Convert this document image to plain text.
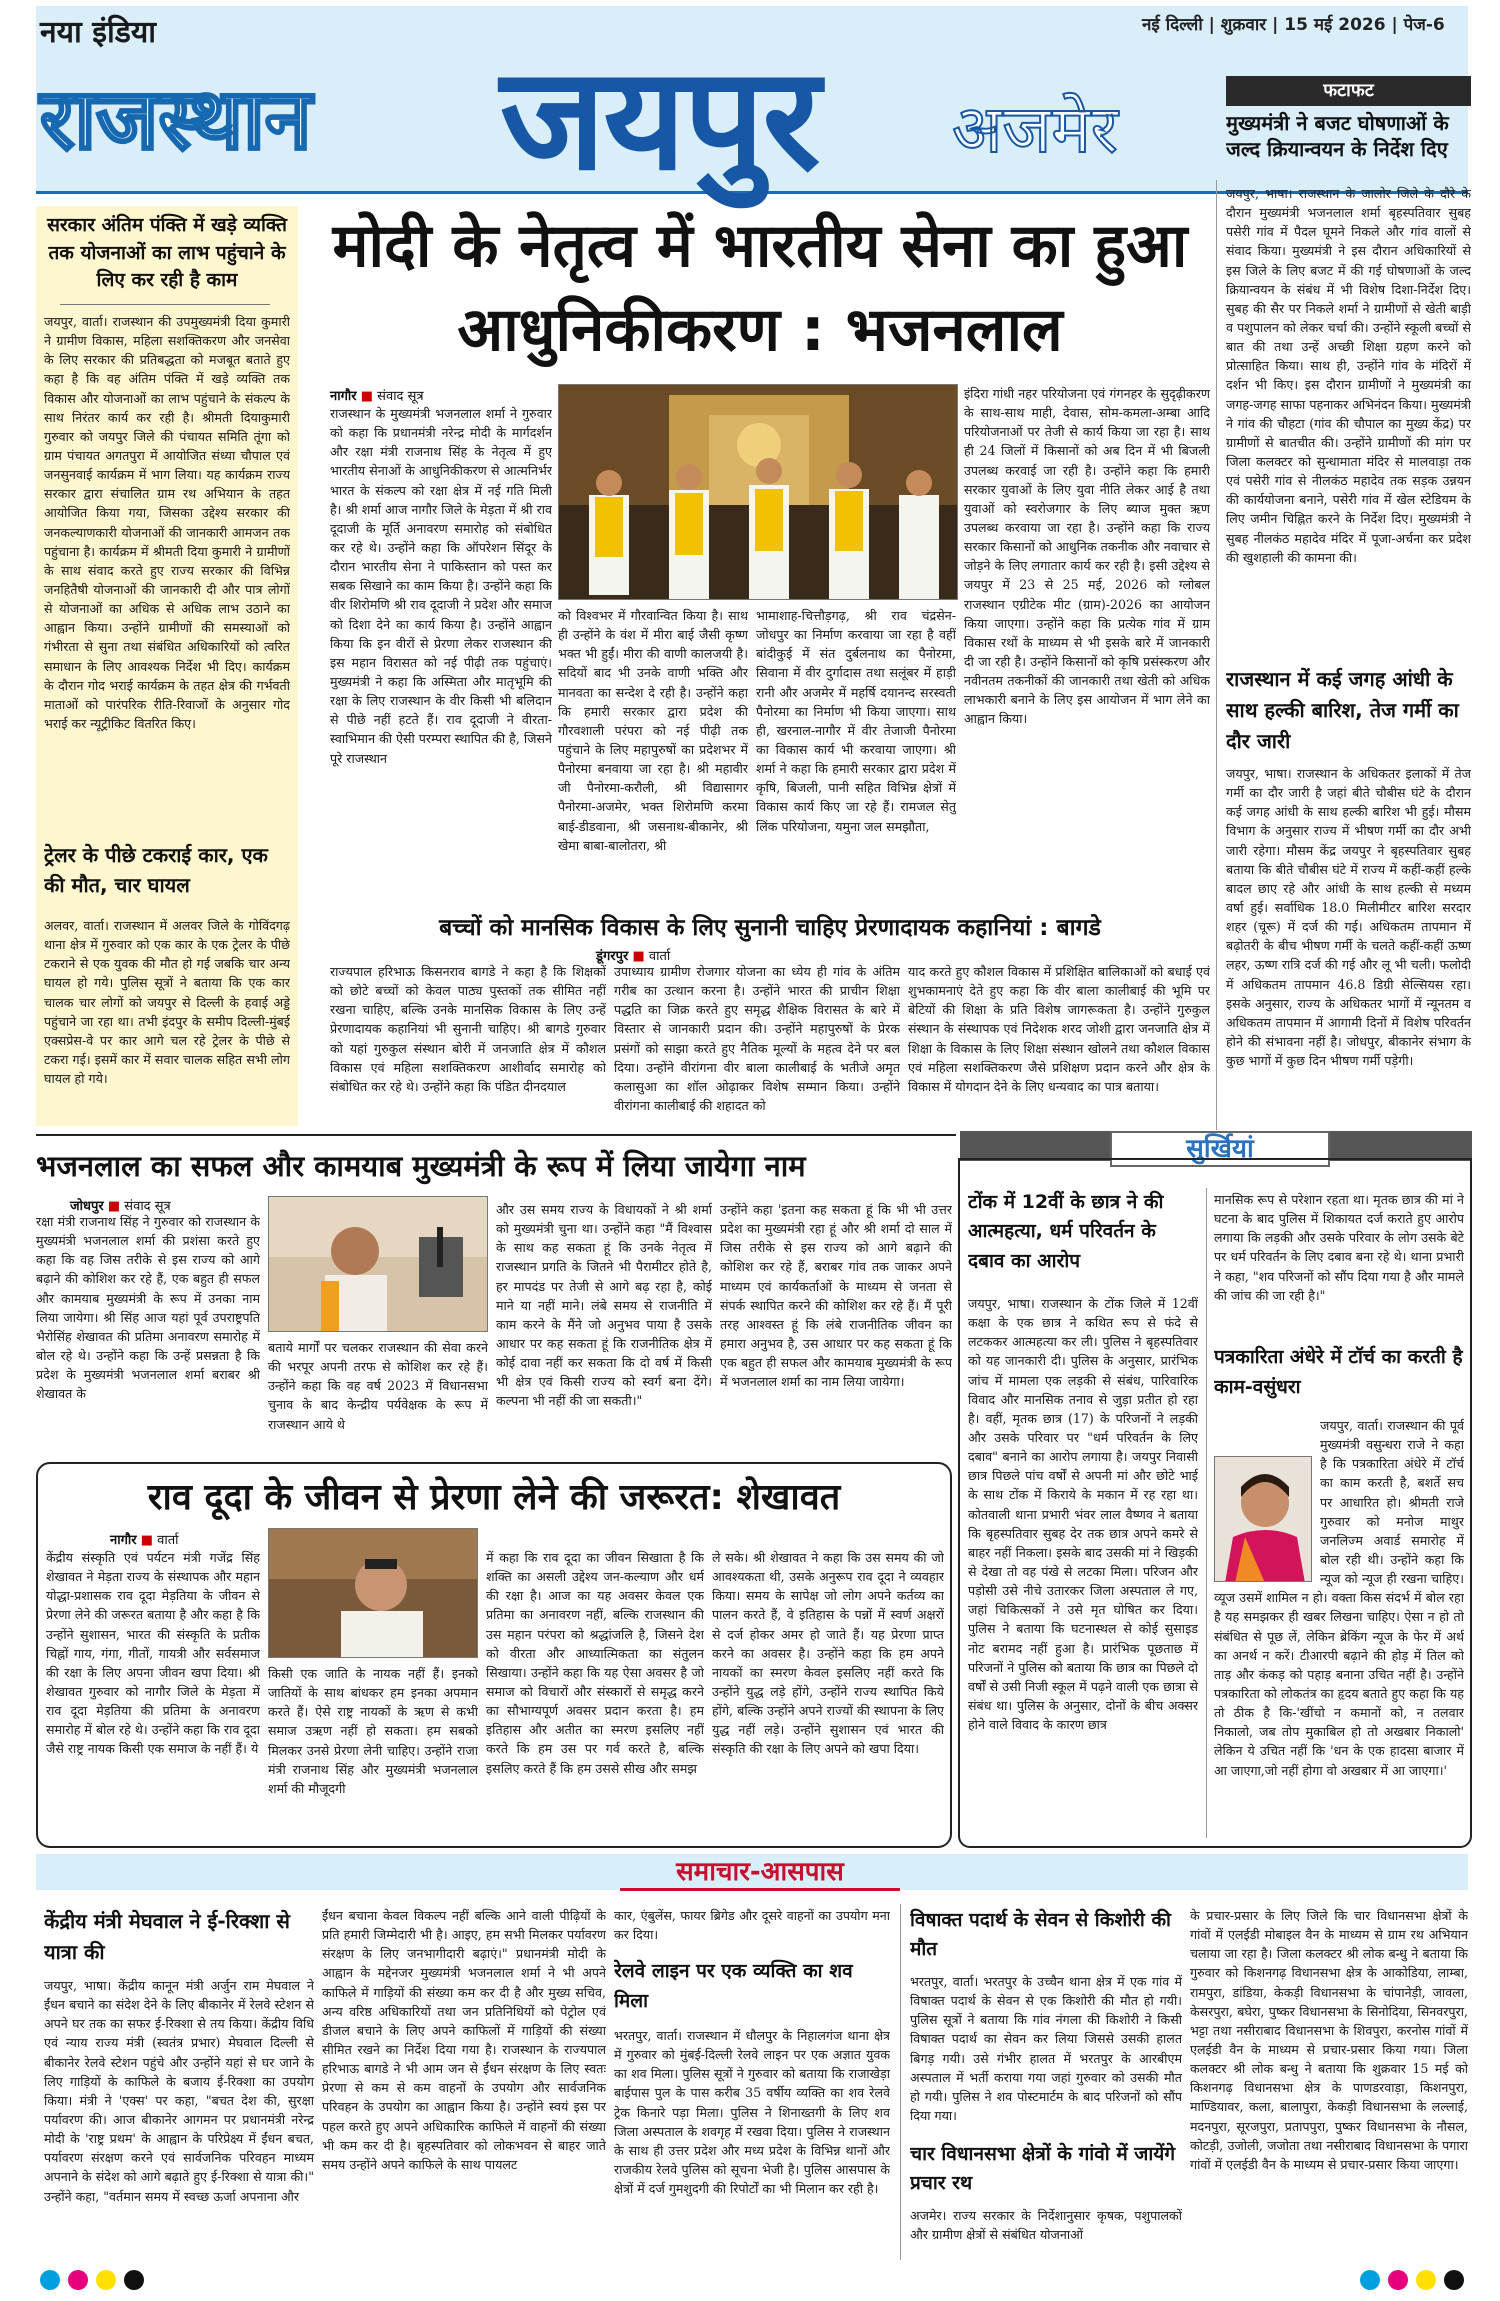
नया इंडिया
राजस्थान जयपुर अजमेर
नई दिल्ली | शुक्रवार | 15 मई 2026 | पेज-6
फटाफट
मुख्यमंत्री ने बजट घोषणाओं के जल्द क्रियान्वयन के निर्देश दिए
सरकार अंतिम पंक्ति में खड़े व्यक्ति तक योजनाओं का लाभ पहुंचाने के लिए कर रही है काम
जयपुर, वार्ता। राजस्थान की उपमुख्यमंत्री दिया कुमारी ने ग्रामीण विकास, महिला सशक्तिकरण और जनसेवा के लिए सरकार की प्रतिबद्धता को मजबूत बताते हुए कहा है कि वह अंतिम पंक्ति में खड़े व्यक्ति तक विकास और योजनाओं का लाभ पहुंचाने के संकल्प के साथ निरंतर कार्य कर रही है। श्रीमती दियाकुमारी गुरुवार को जयपुर जिले की पंचायत समिति तूंगा को ग्राम पंचायत अगतपुरा में आयोजित संध्या चौपाल एवं जनसुनवाई कार्यक्रम में भाग लिया। यह कार्यक्रम राज्य सरकार द्वारा संचालित ग्राम रथ अभियान के तहत आयोजित किया गया, जिसका उद्देश्य सरकार की जनकल्याणकारी योजनाओं की जानकारी आमजन तक पहुंचाना है। कार्यक्रम में श्रीमती दिया कुमारी ने ग्रामीणों के साथ संवाद करते हुए राज्य सरकार की विभिन्न जनहितैषी योजनाओं की जानकारी दी और पात्र लोगों से योजनाओं का अधिक से अधिक लाभ उठाने का आह्वान किया। उन्होंने ग्रामीणों की समस्याओं को गंभीरता से सुना तथा संबंधित अधिकारियों को त्वरित समाधान के लिए आवश्यक निर्देश भी दिए। कार्यक्रम के दौरान गोद भराई कार्यक्रम के तहत क्षेत्र की गर्भवती माताओं को पारंपरिक रीति-रिवाजों के अनुसार गोद भराई कर न्यूट्रीकिट वितरित किए।
ट्रेलर के पीछे टकराई कार, एक की मौत, चार घायल
अलवर, वार्ता। राजस्थान में अलवर जिले के गोविंदगढ़ थाना क्षेत्र में गुरुवार को एक कार के एक ट्रेलर के पीछे टकराने से एक युवक की मौत हो गई जबकि चार अन्य घायल हो गये। पुलिस सूत्रों ने बताया कि एक कार चालक चार लोगों को जयपुर से दिल्ली के हवाई अड्डे पहुंचाने जा रहा था। तभी इंदपुर के समीप दिल्ली-मुंबई एक्सप्रेस-वे पर कार आगे चल रहे ट्रेलर के पीछे से टकरा गई। इसमें कार में सवार चालक सहित सभी लोग घायल हो गये।
जयपुर, भाषा। राजस्थान के जालोर जिले के दौरे के दौरान मुख्यमंत्री भजनलाल शर्मा बृहस्पतिवार सुबह पसेरी गांव में पैदल घूमने निकले और गांव वालों से संवाद किया। मुख्यमंत्री ने इस दौरान अधिकारियों से इस जिले के लिए बजट में की गई घोषणाओं के जल्द क्रियान्वयन के संबंध में भी विशेष दिशा-निर्देश दिए। सुबह की सैर पर निकले शर्मा ने ग्रामीणों से खेती बाड़ी व पशुपालन को लेकर चर्चा की। उन्होंने स्कूली बच्चों से बात की तथा उन्हें अच्छी शिक्षा ग्रहण करने को प्रोत्साहित किया। साथ ही, उन्होंने गांव के मंदिरों में दर्शन भी किए। इस दौरान ग्रामीणों ने मुख्यमंत्री का जगह-जगह साफा पहनाकर अभिनंदन किया। मुख्यमंत्री ने गांव की चौहटा (गांव की चौपाल का मुख्य केंद्र) पर ग्रामीणों से बातचीत की। उन्होंने ग्रामीणों की मांग पर जिला कलक्टर को सुन्धामाता मंदिर से मालवाड़ा तक एवं पसेरी गांव से नीलकंठ महादेव तक सड़क उन्नयन की कार्ययोजना बनाने, पसेरी गांव में खेल स्टेडियम के लिए जमीन चिह्नित करने के निर्देश दिए। मुख्यमंत्री ने सुबह नीलकंठ महादेव मंदिर में पूजा-अर्चना कर प्रदेश की खुशहाली की कामना की।
राजस्थान में कई जगह आंधी के साथ हल्की बारिश, तेज गर्मी का दौर जारी
जयपुर, भाषा। राजस्थान के अधिकतर इलाकों में तेज गर्मी का दौर जारी है जहां बीते चौबीस घंटे के दौरान कई जगह आंधी के साथ हल्की बारिश भी हुई। मौसम विभाग के अनुसार राज्य में भीषण गर्मी का दौर अभी जारी रहेगा। मौसम केंद्र जयपुर ने बृहस्पतिवार सुबह बताया कि बीते चौबीस घंटे में राज्य में कहीं-कहीं हल्के बादल छाए रहे और आंधी के साथ हल्की से मध्यम वर्षा हुई। सर्वाधिक 18.0 मिलीमीटर बारिश सरदार शहर (चूरू) में दर्ज की गई। अधिकतम तापमान में बढ़ोतरी के बीच भीषण गर्मी के चलते कहीं-कहीं ऊष्ण लहर, ऊष्ण रात्रि दर्ज की गई और लू भी चली। फलोदी में अधिकतम तापमान 46.8 डिग्री सेल्सियस रहा। इसके अनुसार, राज्य के अधिकतर भागों में न्यूनतम व अधिकतम तापमान में आगामी दिनों में विशेष परिवर्तन होने की संभावना नहीं है। जोधपुर, बीकानेर संभाग के कुछ भागों में कुछ दिन भीषण गर्मी पड़ेगी।
मोदी के नेतृत्व में भारतीय सेना का हुआ आधुनिकीकरण : भजनलाल
नागौर ■ संवाद सूत्र
राजस्थान के मुख्यमंत्री भजनलाल शर्मा ने गुरुवार को कहा कि प्रधानमंत्री नरेन्द्र मोदी के मार्गदर्शन और रक्षा मंत्री राजनाथ सिंह के नेतृत्व में हुए भारतीय सेनाओं के आधुनिकीकरण से आत्मनिर्भर भारत के संकल्प को रक्षा क्षेत्र में नई गति मिली है। श्री शर्मा आज नागौर जिले के मेड़ता में श्री राव दूदाजी के मूर्ति अनावरण समारोह को संबोधित कर रहे थे। उन्होंने कहा कि ऑपरेशन सिंदूर के दौरान भारतीय सेना ने पाकिस्तान को पस्त कर सबक सिखाने का काम किया है। उन्होंने कहा कि वीर शिरोमणि श्री राव दूदाजी ने प्रदेश और समाज को दिशा देने का कार्य किया है। उन्होंने आह्वान किया कि इन वीरों से प्रेरणा लेकर राजस्थान की इस महान विरासत को नई पीढ़ी तक पहुंचाएं। मुख्यमंत्री ने कहा कि अस्मिता और मातृभूमि की रक्षा के लिए राजस्थान के वीर किसी भी बलिदान से पीछे नहीं हटते हैं। राव दूदाजी ने वीरता-स्वाभिमान की ऐसी परम्परा स्थापित की है, जिसने पूरे राजस्थान
को विश्वभर में गौरवान्वित किया है। साथ ही उन्होंने के वंश में मीरा बाई जैसी कृष्ण भक्त भी हुईं। मीरा की वाणी कालजयी है। सदियों बाद भी उनके वाणी भक्ति और मानवता का सन्देश दे रही है। उन्होंने कहा कि हमारी सरकार द्वारा प्रदेश की गौरवशाली परंपरा को नई पीढ़ी तक पहुंचाने के लिए महापुरुषों का प्रदेशभर में पैनोरमा बनवाया जा रहा है। श्री महावीर जी पैनोरमा-करौली, श्री विद्यासागर पैनोरमा-अजमेर, भक्त शिरोमणि करमा बाई-डीडवाना, श्री जसनाथ-बीकानेर, श्री खेमा बाबा-बालोतरा, श्री
भामाशाह-चित्तौड़गढ़, श्री राव चंद्रसेन-जोधपुर का निर्माण करवाया जा रहा है वहीं बांदीकुई में संत दुर्बलनाथ का पैनोरमा, सिवाना में वीर दुर्गादास तथा सलूंबर में हाड़ी रानी और अजमेर में महर्षि दयानन्द सरस्वती पैनोरमा का निर्माण भी किया जाएगा। साथ ही, खरनाल-नागौर में वीर तेजाजी पैनोरमा का विकास कार्य भी करवाया जाएगा। श्री शर्मा ने कहा कि हमारी सरकार द्वारा प्रदेश में कृषि, बिजली, पानी सहित विभिन्न क्षेत्रों में विकास कार्य किए जा रहे हैं। रामजल सेतु लिंक परियोजना, यमुना जल समझौता,
इंदिरा गांधी नहर परियोजना एवं गंगनहर के सुदृढ़ीकरण के साथ-साथ माही, देवास, सोम-कमला-अम्बा आदि परियोजनाओं पर तेजी से कार्य किया जा रहा है। साथ ही 24 जिलों में किसानों को अब दिन में भी बिजली उपलब्ध करवाई जा रही है। उन्होंने कहा कि हमारी सरकार युवाओं के लिए युवा नीति लेकर आई है तथा युवाओं को स्वरोजगार के लिए ब्याज मुक्त ऋण उपलब्ध करवाया जा रहा है। उन्होंने कहा कि राज्य सरकार किसानों को आधुनिक तकनीक और नवाचार से जोड़ने के लिए लगातार कार्य कर रही है। इसी उद्देश्य से जयपुर में 23 से 25 मई, 2026 को ग्लोबल राजस्थान एग्रीटेक मीट (ग्राम)-2026 का आयोजन किया जाएगा। उन्होंने कहा कि प्रत्येक गांव में ग्राम विकास रथों के माध्यम से भी इसके बारे में जानकारी दी जा रही है। उन्होंने किसानों को कृषि प्रसंस्करण और नवीनतम तकनीकों की जानकारी तथा खेती को अधिक लाभकारी बनाने के लिए इस आयोजन में भाग लेने का आह्वान किया।
बच्चों को मानसिक विकास के लिए सुनानी चाहिए प्रेरणादायक कहानियां : बागडे
डूंगरपुर ■ वार्ता
राज्यपाल हरिभाऊ किसनराव बागडे ने कहा है कि शिक्षकों को छोटे बच्चों को केवल पाठ्य पुस्तकों तक सीमित नहीं रखना चाहिए, बल्कि उनके मानसिक विकास के लिए उन्हें प्रेरणादायक कहानियां भी सुनानी चाहिए। श्री बागडे गुरुवार को यहां गुरुकुल संस्थान बोरी में जनजाति क्षेत्र में कौशल विकास एवं महिला सशक्तिकरण आशीर्वाद समारोह को संबोधित कर रहे थे। उन्होंने कहा कि पंडित दीनदयाल
उपाध्याय ग्रामीण रोजगार योजना का ध्येय ही गांव के अंतिम गरीब का उत्थान करना है। उन्होंने भारत की प्राचीन शिक्षा पद्धति का जिक्र करते हुए समृद्ध शैक्षिक विरासत के बारे में विस्तार से जानकारी प्रदान की। उन्होंने महापुरुषों के प्रेरक प्रसंगों को साझा करते हुए नैतिक मूल्यों के महत्व देने पर बल दिया। उन्होंने वीरांगना वीर बाला कालीबाई के भतीजे अमृत कलासुआ का शॉल ओढ़ाकर विशेष सम्मान किया। उन्होंने वीरांगना कालीबाई की शहादत को
याद करते हुए कौशल विकास में प्रशिक्षित बालिकाओं को बधाई एवं शुभकामनाएं देते हुए कहा कि वीर बाला कालीबाई की भूमि पर बेटियों की शिक्षा के प्रति विशेष जागरूकता है। उन्होंने गुरुकुल संस्थान के संस्थापक एवं निदेशक शरद जोशी द्वारा जनजाति क्षेत्र में शिक्षा के विकास के लिए शिक्षा संस्थान खोलने तथा कौशल विकास एवं महिला सशक्तिकरण जैसे प्रशिक्षण प्रदान करने और क्षेत्र के विकास में योगदान देने के लिए धन्यवाद का पात्र बताया।
भजनलाल का सफल और कामयाब मुख्यमंत्री के रूप में लिया जायेगा नाम
जोधपुर ■ संवाद सूत्र
रक्षा मंत्री राजनाथ सिंह ने गुरुवार को राजस्थान के मुख्यमंत्री भजनलाल शर्मा की प्रशंसा करते हुए कहा कि वह जिस तरीके से इस राज्य को आगे बढ़ाने की कोशिश कर रहे हैं, एक बहुत ही सफल और कामयाब मुख्यमंत्री के रूप में उनका नाम लिया जायेगा। श्री सिंह आज यहां पूर्व उपराष्ट्रपति भैरोसिंह शेखावत की प्रतिमा अनावरण समारोह में बोल रहे थे। उन्होंने कहा कि उन्हें प्रसन्नता है कि प्रदेश के मुख्यमंत्री भजनलाल शर्मा बराबर श्री शेखावत के
बताये मार्गों पर चलकर राजस्थान की सेवा करने की भरपूर अपनी तरफ से कोशिश कर रहे हैं। उन्होंने कहा कि वह वर्ष 2023 में विधानसभा चुनाव के बाद केन्द्रीय पर्यवेक्षक के रूप में राजस्थान आये थे
और उस समय राज्य के विधायकों ने श्री शर्मा को मुख्यमंत्री चुना था। उन्होंने कहा "मैं विश्वास के साथ कह सकता हूं कि उनके नेतृत्व में राजस्थान प्रगति के जितने भी पैरामीटर होते है, हर मापदंड पर तेजी से आगे बढ़ रहा है, कोई माने या नहीं माने। लंबे समय से राजनीति में काम करने के मैंने जो अनुभव पाया है उसके आधार पर कह सकता हूं कि राजनीतिक क्षेत्र में कोई दावा नहीं कर सकता कि दो वर्ष में किसी भी क्षेत्र एवं किसी राज्य को स्वर्ग बना देंगे। कल्पना भी नहीं की जा सकती।"
उन्होंने कहा 'इतना कह सकता हूं कि भी भी उत्तर प्रदेश का मुख्यमंत्री रहा हूं और श्री शर्मा दो साल में जिस तरीके से इस राज्य को आगे बढ़ाने की कोशिश कर रहे हैं, बराबर गांव तक जाकर अपने माध्यम एवं कार्यकर्ताओं के माध्यम से जनता से संपर्क स्थापित करने की कोशिश कर रहे हैं। मैं पूरी तरह आश्वस्त हूं कि लंबे राजनीतिक जीवन का हमारा अनुभव है, उस आधार पर कह सकता हूं कि एक बहुत ही सफल और कामयाब मुख्यमंत्री के रूप में भजनलाल शर्मा का नाम लिया जायेगा।
राव दूदा के जीवन से प्रेरणा लेने की जरूरत: शेखावत
नागौर ■ वार्ता
केंद्रीय संस्कृति एवं पर्यटन मंत्री गजेंद्र सिंह शेखावत ने मेड़ता राज्य के संस्थापक और महान योद्धा-प्रशासक राव दूदा मेड़तिया के जीवन से प्रेरणा लेने की जरूरत बताया है और कहा है कि उन्होंने सुशासन, भारत की संस्कृति के प्रतीक चिह्नों गाय, गंगा, गीतों, गायत्री और सर्वसमाज की रक्षा के लिए अपना जीवन खपा दिया। श्री शेखावत गुरुवार को नागौर जिले के मेड़ता में राव दूदा मेड़तिया की प्रतिमा के अनावरण समारोह में बोल रहे थे। उन्होंने कहा कि राव दूदा जैसे राष्ट्र नायक किसी एक समाज के नहीं हैं। ये
किसी एक जाति के नायक नहीं हैं। इनको जातियों के साथ बांधकर हम इनका अपमान करते हैं। ऐसे राष्ट्र नायकों के ऋण से कभी समाज उऋण नहीं हो सकता। हम सबको मिलकर उनसे प्रेरणा लेनी चाहिए। उन्होंने राजा मंत्री राजनाथ सिंह और मुख्यमंत्री भजनलाल शर्मा की मौजूदगी
में कहा कि राव दूदा का जीवन सिखाता है कि शक्ति का असली उद्देश्य जन-कल्याण और धर्म की रक्षा है। आज का यह अवसर केवल एक प्रतिमा का अनावरण नहीं, बल्कि राजस्थान की उस महान परंपरा को श्रद्धांजलि है, जिसने देश को वीरता और आध्यात्मिकता का संतुलन सिखाया। उन्होंने कहा कि यह ऐसा अवसर है जो समाज को विचारों और संस्कारों से समृद्ध करने का सौभाग्यपूर्ण अवसर प्रदान करता है। हम इतिहास और अतीत का स्मरण इसलिए नहीं करते कि हम उस पर गर्व करते है, बल्कि इसलिए करते हैं कि हम उससे सीख और समझ
ले सके। श्री शेखावत ने कहा कि उस समय की जो आवश्यकता थी, उसके अनुरूप राव दूदा ने व्यवहार किया। समय के सापेक्ष जो लोग अपने कर्तव्य का पालन करते हैं, वे इतिहास के पन्नों में स्वर्ण अक्षरों से दर्ज होकर अमर हो जाते हैं। यह प्रेरणा प्राप्त करने का अवसर है। उन्होंने कहा कि हम अपने नायकों का स्मरण केवल इसलिए नहीं करते कि उन्होंने युद्ध लड़े होंगे, उन्होंने राज्य स्थापित किये होंगे, बल्कि उन्होंने अपने राज्यों की स्थापना के लिए युद्ध नहीं लड़े। उन्होंने सुशासन एवं भारत की संस्कृति की रक्षा के लिए अपने को खपा दिया।
सुर्खियां
टोंक में 12वीं के छात्र ने की आत्महत्या, धर्म परिवर्तन के दबाव का आरोप
जयपुर, भाषा। राजस्थान के टोंक जिले में 12वीं कक्षा के एक छात्र ने कथित रूप से फंदे से लटककर आत्महत्या कर ली। पुलिस ने बृहस्पतिवार को यह जानकारी दी। पुलिस के अनुसार, प्रारंभिक जांच में मामला एक लड़की से संबंध, पारिवारिक विवाद और मानसिक तनाव से जुड़ा प्रतीत हो रहा है। वहीं, मृतक छात्र (17) के परिजनों ने लड़की और उसके परिवार पर "धर्म परिवर्तन के लिए दबाव" बनाने का आरोप लगाया है। जयपुर निवासी छात्र पिछले पांच वर्षों से अपनी मां और छोटे भाई के साथ टोंक में किराये के मकान में रह रहा था। कोतवाली थाना प्रभारी भंवर लाल वैष्णव ने बताया कि बृहस्पतिवार सुबह देर तक छात्र अपने कमरे से बाहर नहीं निकला। इसके बाद उसकी मां ने खिड़की से देखा तो वह पंखे से लटका मिला। परिजन और पड़ोसी उसे नीचे उतारकर जिला अस्पताल ले गए, जहां चिकित्सकों ने उसे मृत घोषित कर दिया। पुलिस ने बताया कि घटनास्थल से कोई सुसाइड नोट बरामद नहीं हुआ है। प्रारंभिक पूछताछ में परिजनों ने पुलिस को बताया कि छात्र का पिछले दो वर्षों से उसी निजी स्कूल में पढ़ने वाली एक छात्रा से संबंध था। पुलिस के अनुसार, दोनों के बीच अक्सर होने वाले विवाद के कारण छात्र
मानसिक रूप से परेशान रहता था। मृतक छात्र की मां ने घटना के बाद पुलिस में शिकायत दर्ज कराते हुए आरोप लगाया कि लड़की और उसके परिवार के लोग उसके बेटे पर धर्म परिवर्तन के लिए दबाव बना रहे थे। थाना प्रभारी ने कहा, "शव परिजनों को सौंप दिया गया है और मामले की जांच की जा रही है।"
पत्रकारिता अंधेरे में टॉर्च का करती है काम-वसुंधरा
जयपुर, वार्ता। राजस्थान की पूर्व मुख्यमंत्री वसुन्धरा राजे ने कहा है कि पत्रकारिता अंधेरे में टॉर्च का काम करती है, बशर्ते सच पर आधारित हो। श्रीमती राजे गुरुवार को मनोज माथुर जनलिज्म अवार्ड समारोह में बोल रही थी। उन्होंने कहा कि न्यूज को न्यूज ही रखना चाहिए। व्यूज उसमें शामिल न हो। वक्ता किस संदर्भ में बोल रहा है यह समझकर ही खबर लिखना चाहिए। ऐसा न हो तो संबंधित से पूछ लें, लेकिन ब्रेकिंग न्यूज के फेर में अर्थ का अनर्थ न करें। टीआरपी बढ़ाने की होड़ में तिल को ताड़ और कंकड़ को पहाड़ बनाना उचित नहीं है। उन्होंने पत्रकारिता को लोकतंत्र का हृदय बताते हुए कहा कि यह तो ठीक है कि-'खींचो न कमानों को, न तलवार निकालो, जब तोप मुकाबिल हो तो अखबार निकालो' लेकिन ये उचित नहीं कि 'धन के एक हादसा बाजार में आ जाएगा,जो नहीं होगा वो अखबार में आ जाएगा।'
समाचार-आसपास
केंद्रीय मंत्री मेघवाल ने ई-रिक्शा से यात्रा की
जयपुर, भाषा। केंद्रीय कानून मंत्री अर्जुन राम मेघवाल ने ईंधन बचाने का संदेश देने के लिए बीकानेर में रेलवे स्टेशन से अपने घर तक का सफर ई-रिक्शा से तय किया। केंद्रीय विधि एवं न्याय राज्य मंत्री (स्वतंत्र प्रभार) मेघवाल दिल्ली से बीकानेर रेलवे स्टेशन पहुंचे और उन्होंने यहां से घर जाने के लिए गाड़ियों के काफिले के बजाय ई-रिक्शा का उपयोग किया। मंत्री ने 'एक्स' पर कहा, "बचत देश की, सुरक्षा पर्यावरण की। आज बीकानेर आगमन पर प्रधानमंत्री नरेन्द्र मोदी के 'राष्ट्र प्रथम' के आह्वान के परिप्रेक्ष्य में ईंधन बचत, पर्यावरण संरक्षण करने एवं सार्वजनिक परिवहन माध्यम अपनाने के संदेश को आगे बढ़ाते हुए ई-रिक्शा से यात्रा की।" उन्होंने कहा, "वर्तमान समय में स्वच्छ ऊर्जा अपनाना और
ईंधन बचाना केवल विकल्प नहीं बल्कि आने वाली पीढ़ियों के प्रति हमारी जिम्मेदारी भी है। आइए, हम सभी मिलकर पर्यावरण संरक्षण के लिए जनभागीदारी बढ़ाएं।" प्रधानमंत्री मोदी के आह्वान के मद्देनजर मुख्यमंत्री भजनलाल शर्मा ने भी अपने काफिले में गाड़ियों की संख्या कम कर दी है और मुख्य सचिव, अन्य वरिष्ठ अधिकारियों तथा जन प्रतिनिधियों को पेट्रोल एवं डीजल बचाने के लिए अपने काफिलों में गाड़ियों की संख्या सीमित रखने का निर्देश दिया गया है। राजस्थान के राज्यपाल हरिभाऊ बागडे ने भी आम जन से ईंधन संरक्षण के लिए स्वतः प्रेरणा से कम से कम वाहनों के उपयोग और सार्वजनिक परिवहन के उपयोग का आह्वान किया है। उन्होंने स्वयं इस पर पहल करते हुए अपने अधिकारिक काफिले में वाहनों की संख्या भी कम कर दी है। बृहस्पतिवार को लोकभवन से बाहर जाते समय उन्होंने अपने काफिले के साथ पायलट
कार, एंबुलेंस, फायर ब्रिगेड और दूसरे वाहनों का उपयोग मना कर दिया।
रेलवे लाइन पर एक व्यक्ति का शव मिला
भरतपुर, वार्ता। राजस्थान में धौलपुर के निहालगंज थाना क्षेत्र में गुरुवार को मुंबई-दिल्ली रेलवे लाइन पर एक अज्ञात युवक का शव मिला। पुलिस सूत्रों ने गुरुवार को बताया कि राजाखेड़ा बाईपास पुल के पास करीब 35 वर्षीय व्यक्ति का शव रेलवे ट्रेक किनारे पड़ा मिला। पुलिस ने शिनाख्तगी के लिए शव जिला अस्पताल के शवगृह में रखवा दिया। पुलिस ने राजस्थान के साथ ही उत्तर प्रदेश और मध्य प्रदेश के विभिन्न थानों और राजकीय रेलवे पुलिस को सूचना भेजी है। पुलिस आसपास के क्षेत्रों में दर्ज गुमशुदगी की रिपोर्टों का भी मिलान कर रही है।
विषाक्त पदार्थ के सेवन से किशोरी की मौत
भरतपुर, वार्ता। भरतपुर के उच्चैन थाना क्षेत्र में एक गांव में विषाक्त पदार्थ के सेवन से एक किशोरी की मौत हो गयी। पुलिस सूत्रों ने बताया कि गांव नंगला की किशोरी ने किसी विषाक्त पदार्थ का सेवन कर लिया जिससे उसकी हालत बिगड़ गयी। उसे गंभीर हालत में भरतपुर के आरबीएम अस्पताल में भर्ती कराया गया जहां गुरुवार को उसकी मौत हो गयी। पुलिस ने शव पोस्टमार्टम के बाद परिजनों को सौंप दिया गया।
चार विधानसभा क्षेत्रों के गांवो में जायेंगे प्रचार रथ
अजमेर। राज्य सरकार के निर्देशानुसार कृषक, पशुपालकों और ग्रामीण क्षेत्रों से संबंधित योजनाओं
के प्रचार-प्रसार के लिए जिले कि चार विधानसभा क्षेत्रों के गांवों में एलईडी मोबाइल वैन के माध्यम से ग्राम रथ अभियान चलाया जा रहा है। जिला कलक्टर श्री लोक बन्धु ने बताया कि गुरुवार को किशनगढ़ विधानसभा क्षेत्र के आकोडिया, लाम्बा, रामपुरा, डांडिया, केकड़ी विधानसभा के चांपानेड़ी, जावला, केसरपुरा, बघेरा, पुष्कर विधानसभा के सिनोदिया, सिनवरपुरा, भट्टा तथा नसीराबाद विधानसभा के शिवपुरा, करनोस गांवों में एलईडी वैन के माध्यम से प्रचार-प्रसार किया गया। जिला कलक्टर श्री लोक बन्धु ने बताया कि शुक्रवार 15 मई को किशनगढ़ विधानसभा क्षेत्र के पाणडरवाड़ा, किशनपुरा, माण्डियावर, कला, बालापुरा, केकड़ी विधानसभा के लल्लाई, मदनपुरा, सूरजपुरा, प्रतापपुरा, पुष्कर विधानसभा के नौसल, कोटड़ी, उजोली, जजोता तथा नसीराबाद विधानसभा के पगारा गांवों में एलईडी वैन के माध्यम से प्रचार-प्रसार किया जाएगा।
